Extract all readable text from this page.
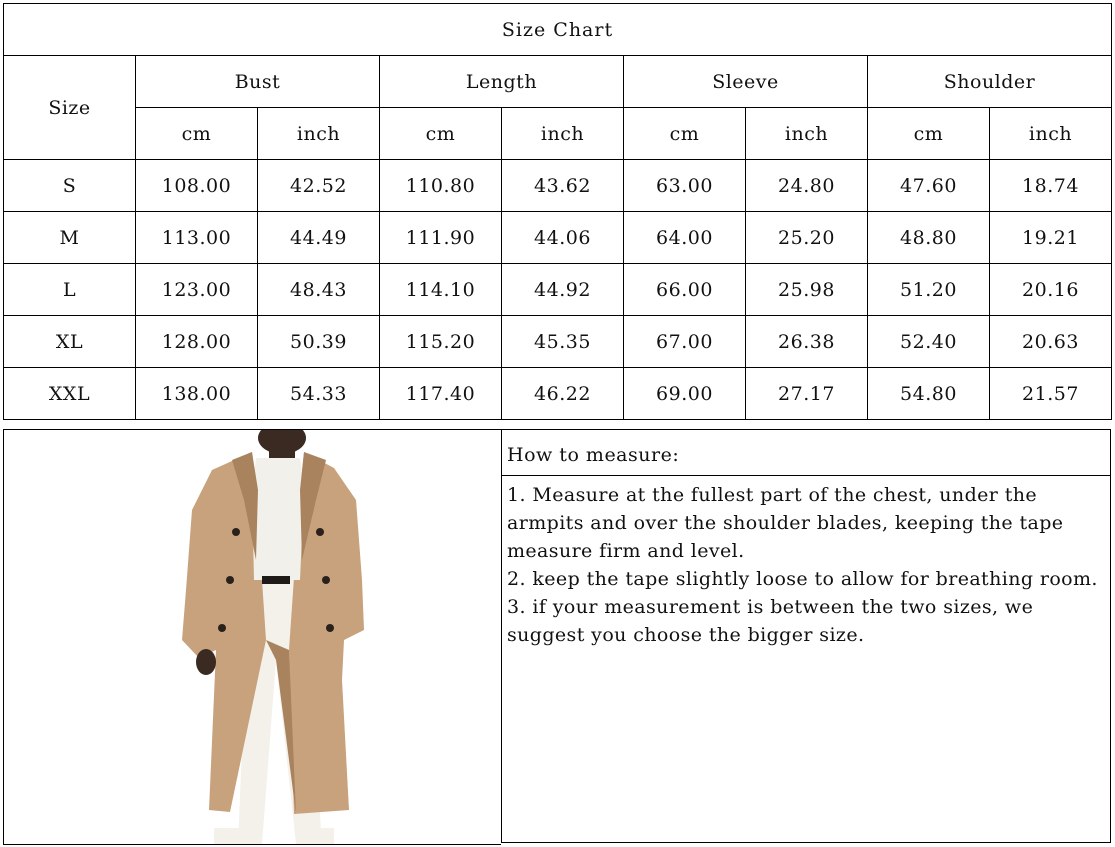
Size Chart								
Size	Bust		Length		Sleeve		Shoulder	
	cm	inch	cm	inch	cm	inch	cm	inch
S	108.00	42.52	110.80	43.62	63.00	24.80	47.60	18.74
M	113.00	44.49	111.90	44.06	64.00	25.20	48.80	19.21
L	123.00	48.43	114.10	44.92	66.00	25.98	51.20	20.16
XL	128.00	50.39	115.20	45.35	67.00	26.38	52.40	20.63
XXL	138.00	54.33	117.40	46.22	69.00	27.17	54.80	21.57
How to measure:

1. Measure at the fullest part of the chest, under the armpits and over the shoulder blades, keeping the tape measure firm and level.

2. keep the tape slightly loose to allow for breathing room.

3. if your measurement is between the two sizes, we suggest you choose the bigger size.
